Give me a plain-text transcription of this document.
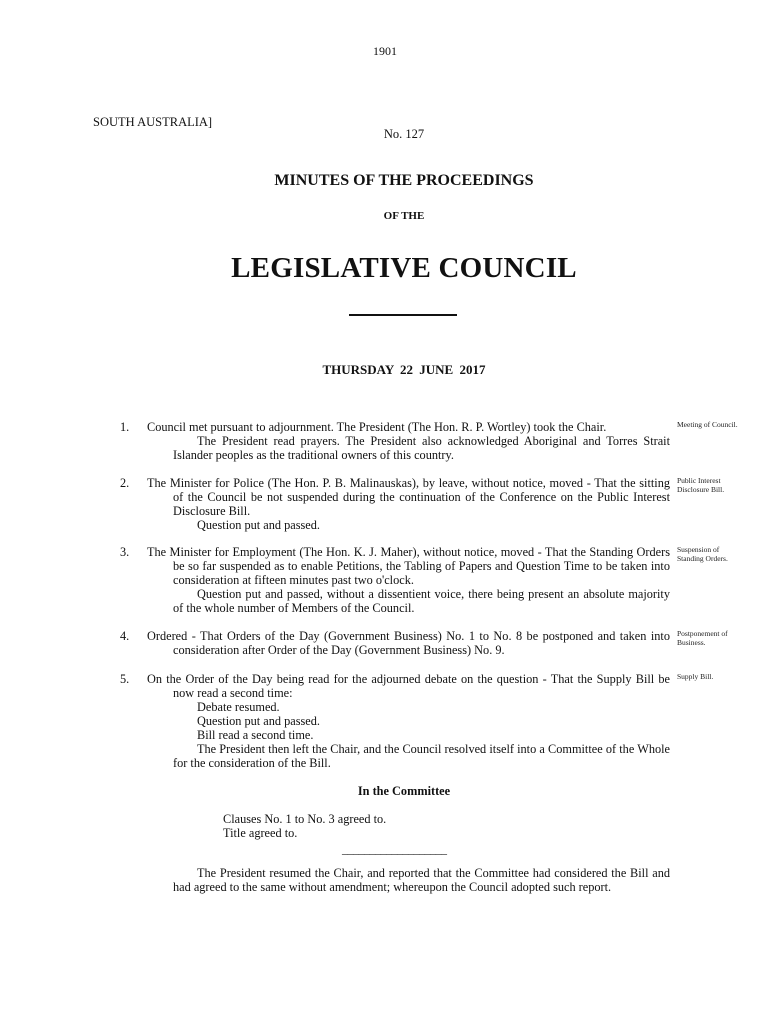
1901
SOUTH AUSTRALIA]
No. 127
MINUTES OF THE PROCEEDINGS
OF THE
LEGISLATIVE COUNCIL
THURSDAY 22 JUNE 2017
1. Council met pursuant to adjournment. The President (The Hon. R. P. Wortley) took the Chair.
The President read prayers. The President also acknowledged Aboriginal and Torres Strait Islander peoples as the traditional owners of this country.
Meeting of Council.
2. The Minister for Police (The Hon. P. B. Malinauskas), by leave, without notice, moved - That the sitting of the Council be not suspended during the continuation of the Conference on the Public Interest Disclosure Bill.
Question put and passed.
Public Interest Disclosure Bill.
3. The Minister for Employment (The Hon. K. J. Maher), without notice, moved - That the Standing Orders be so far suspended as to enable Petitions, the Tabling of Papers and Question Time to be taken into consideration at fifteen minutes past two o'clock.
Question put and passed, without a dissentient voice, there being present an absolute majority of the whole number of Members of the Council.
Suspension of Standing Orders.
4. Ordered - That Orders of the Day (Government Business) No. 1 to No. 8 be postponed and taken into consideration after Order of the Day (Government Business) No. 9.
Postponement of Business.
5. On the Order of the Day being read for the adjourned debate on the question - That the Supply Bill be now read a second time:
Debate resumed.
Question put and passed.
Bill read a second time.
The President then left the Chair, and the Council resolved itself into a Committee of the Whole for the consideration of the Bill.
Supply Bill.
In the Committee
Clauses No. 1 to No. 3 agreed to.
Title agreed to.
___________________
The President resumed the Chair, and reported that the Committee had considered the Bill and had agreed to the same without amendment; whereupon the Council adopted such report.
